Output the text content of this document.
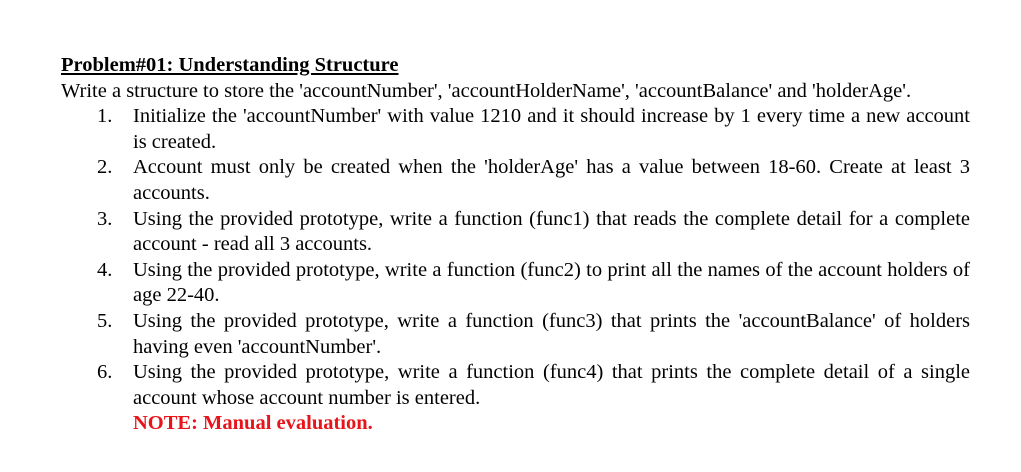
Problem#01: Understanding Structure

Write a structure to store the 'accountNumber', 'accountHolderName', 'accountBalance' and 'holderAge'.

1. Initialize the 'accountNumber' with value 1210 and it should increase by 1 every time a new account is created.
2. Account must only be created when the 'holderAge' has a value between 18-60. Create at least 3 accounts.
3. Using the provided prototype, write a function (func1) that reads the complete detail for a complete account - read all 3 accounts.
4. Using the provided prototype, write a function (func2) to print all the names of the account holders of age 22-40.
5. Using the provided prototype, write a function (func3) that prints the 'accountBalance' of holders having even 'accountNumber'.
6. Using the provided prototype, write a function (func4) that prints the complete detail of a single account whose account number is entered.

NOTE: Manual evaluation.
